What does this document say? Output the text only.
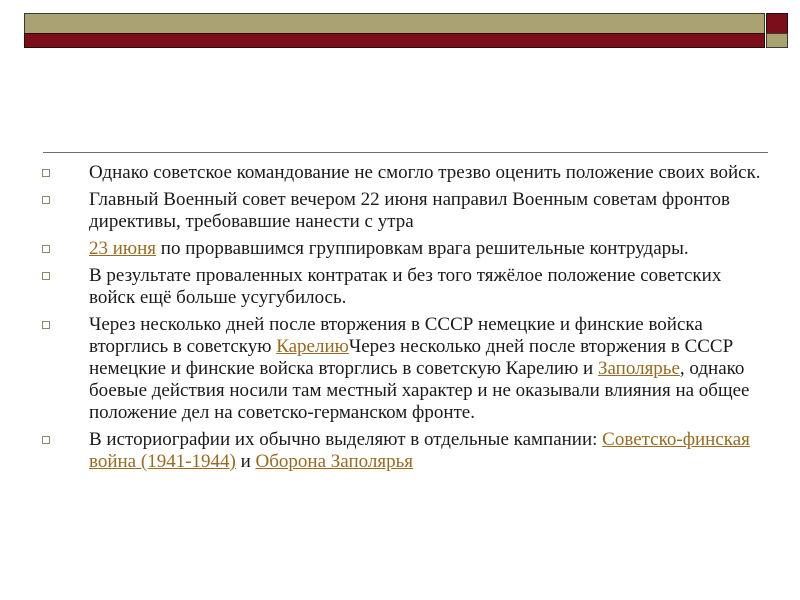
Однако советское командование не смогло трезво оценить положение своих войск.
Главный Военный совет вечером 22 июня направил Военным советам фронтов директивы, требовавшие нанести с утра
23 июня по прорвавшимся группировкам врага решительные контрудары.
В результате проваленных контратак и без того тяжёлое положение советских войск ещё больше усугубилось.
Через несколько дней после вторжения в СССР немецкие и финские войска вторглись в советскую КарелиюЧерез несколько дней после вторжения в СССР немецкие и финские войска вторглись в советскую Карелию и Заполярье, однако боевые действия носили там местный характер и не оказывали влияния на общее положение дел на советско-германском фронте.
В историографии их обычно выделяют в отдельные кампании: Советско-финская война (1941-1944) и Оборона Заполярья
